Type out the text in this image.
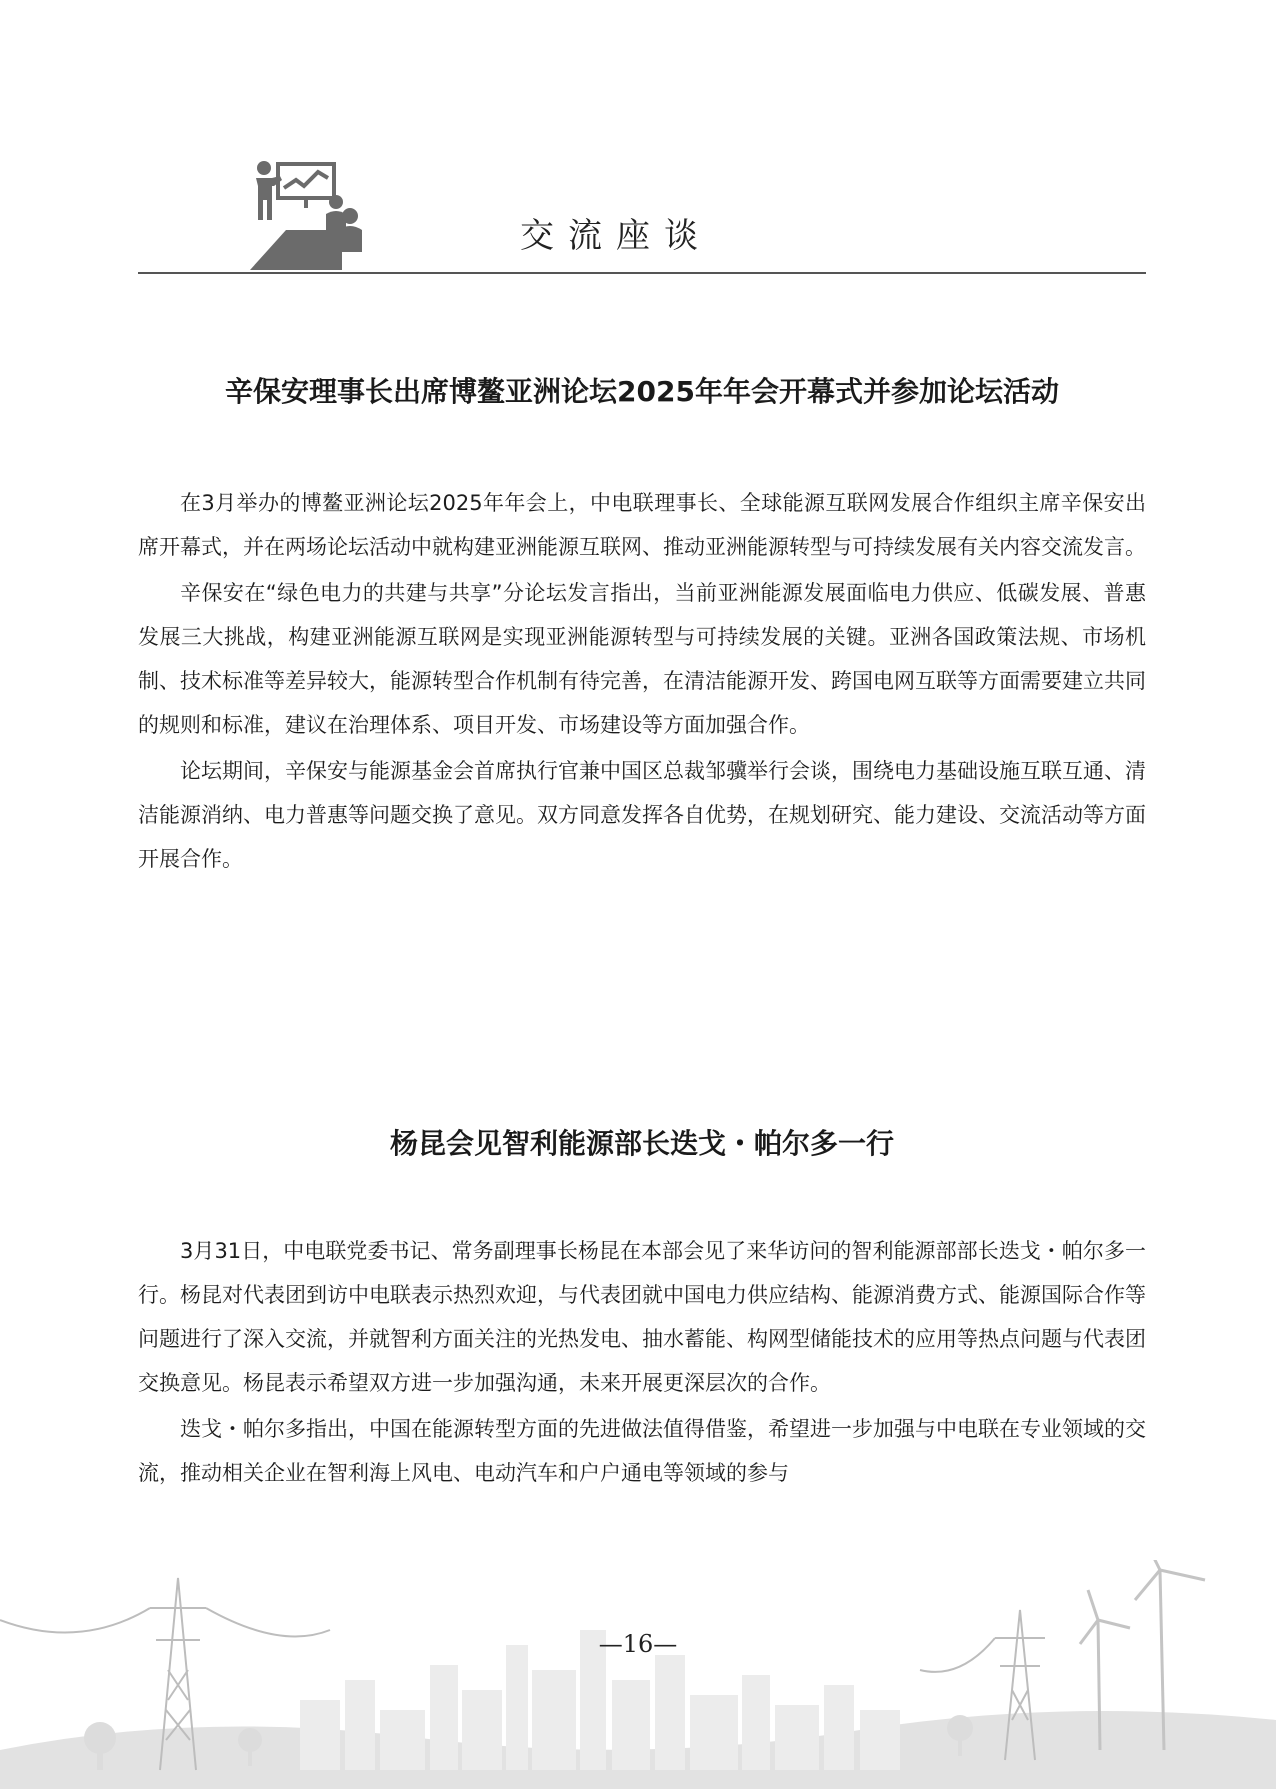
交流座谈
辛保安理事长出席博鳌亚洲论坛2025年年会开幕式并参加论坛活动

在3月举办的博鳌亚洲论坛2025年年会上，中电联理事长、全球能源互联网发展合作组织主席辛保安出席开幕式，并在两场论坛活动中就构建亚洲能源互联网、推动亚洲能源转型与可持续发展有关内容交流发言。

辛保安在“绿色电力的共建与共享”分论坛发言指出，当前亚洲能源发展面临电力供应、低碳发展、普惠发展三大挑战，构建亚洲能源互联网是实现亚洲能源转型与可持续发展的关键。亚洲各国政策法规、市场机制、技术标准等差异较大，能源转型合作机制有待完善，在清洁能源开发、跨国电网互联等方面需要建立共同的规则和标准，建议在治理体系、项目开发、市场建设等方面加强合作。

论坛期间，辛保安与能源基金会首席执行官兼中国区总裁邹骥举行会谈，围绕电力基础设施互联互通、清洁能源消纳、电力普惠等问题交换了意见。双方同意发挥各自优势，在规划研究、能力建设、交流活动等方面开展合作。

杨昆会见智利能源部长迭戈・帕尔多一行

3月31日，中电联党委书记、常务副理事长杨昆在本部会见了来华访问的智利能源部部长迭戈・帕尔多一行。杨昆对代表团到访中电联表示热烈欢迎，与代表团就中国电力供应结构、能源消费方式、能源国际合作等问题进行了深入交流，并就智利方面关注的光热发电、抽水蓄能、构网型储能技术的应用等热点问题与代表团交换意见。杨昆表示希望双方进一步加强沟通，未来开展更深层次的合作。

迭戈・帕尔多指出，中国在能源转型方面的先进做法值得借鉴，希望进一步加强与中电联在专业领域的交流，推动相关企业在智利海上风电、电动汽车和户户通电等领域的参与

—16—
